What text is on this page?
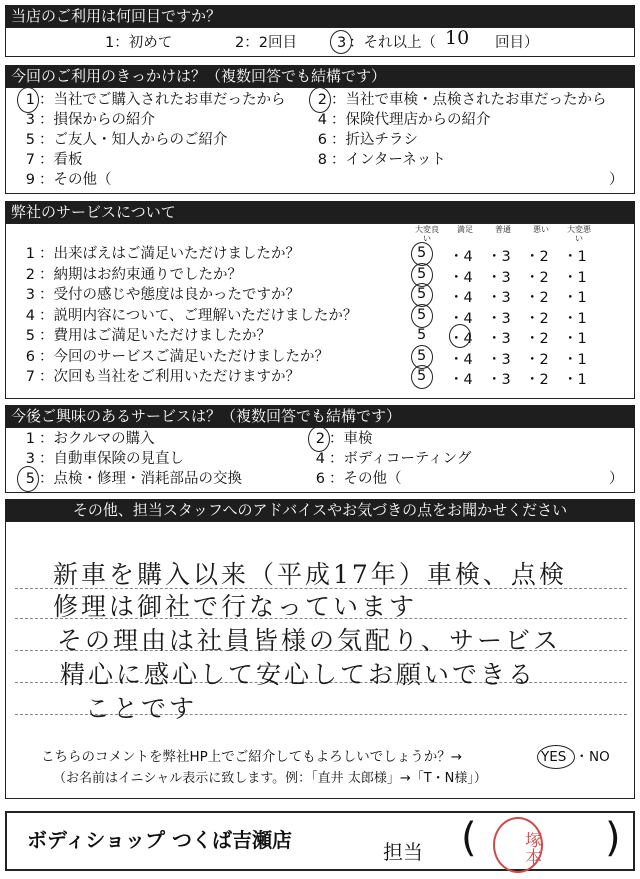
当店のご利用は何回目ですか？
1：初めて	2：2回目	3 ：それ以上（ 10 回目）
今回のご利用のきっかけは？（複数回答でも結構です）
1 ：当社でご購入されたお車だったから	2 ：当社で車検・点検されたお車だったから
3 ：損保からの紹介	4 ：保険代理店からの紹介
5 ：ご友人・知人からのご紹介	6 ：折込チラシ
7 ：看板	8 ：インターネット
9 ：その他（	）
弊社のサービスについて
大変良い
満足	普通	悪い	大変悪い
1 ：出来ばえはご満足いただけましたか？	5 ・4 ・3 ・2 ・1
2 ：納期はお約束通りでしたか？	5 ・4 ・3 ・2 ・1
3 ：受付の感じや態度は良かったですか？	5 ・4 ・3 ・2 ・1
4 ：説明内容について、ご理解いただけましたか？	5 ・4 ・3 ・2 ・1
5 ：費用はご満足いただけましたか？	5 ・4 ・3 ・2 ・1
6 ：今回のサービスご満足いただけましたか？	5 ・4 ・3 ・2 ・1
7 ：次回も当社をご利用いただけますか？	5 ・4 ・3 ・2 ・1
今後ご興味のあるサービスは？（複数回答でも結構です）
1 ：おクルマの購入	2 ：車検
3 ：自動車保険の見直し	4 ：ボディコーティング
5 ：点検・修理・消耗部品の交換	6 ：その他（	）
その他、担当スタッフへのアドバイスやお気づきの点をお聞かせください
新車を購入以来（平成17年）車検、点検
修理は御社で行なっています
その理由は社員皆様の気配り、サービス
精心に感心して安心してお願いできる
ことです
こちらのコメントを弊社HP上でご紹介してもよろしいでしょうか？→	YES ・ NO
（お名前はイニシャル表示に致します。例：「直井 太郎様」→「T・N様」）
ボディショップ つくば吉瀬店	担当 (	)
塚本
